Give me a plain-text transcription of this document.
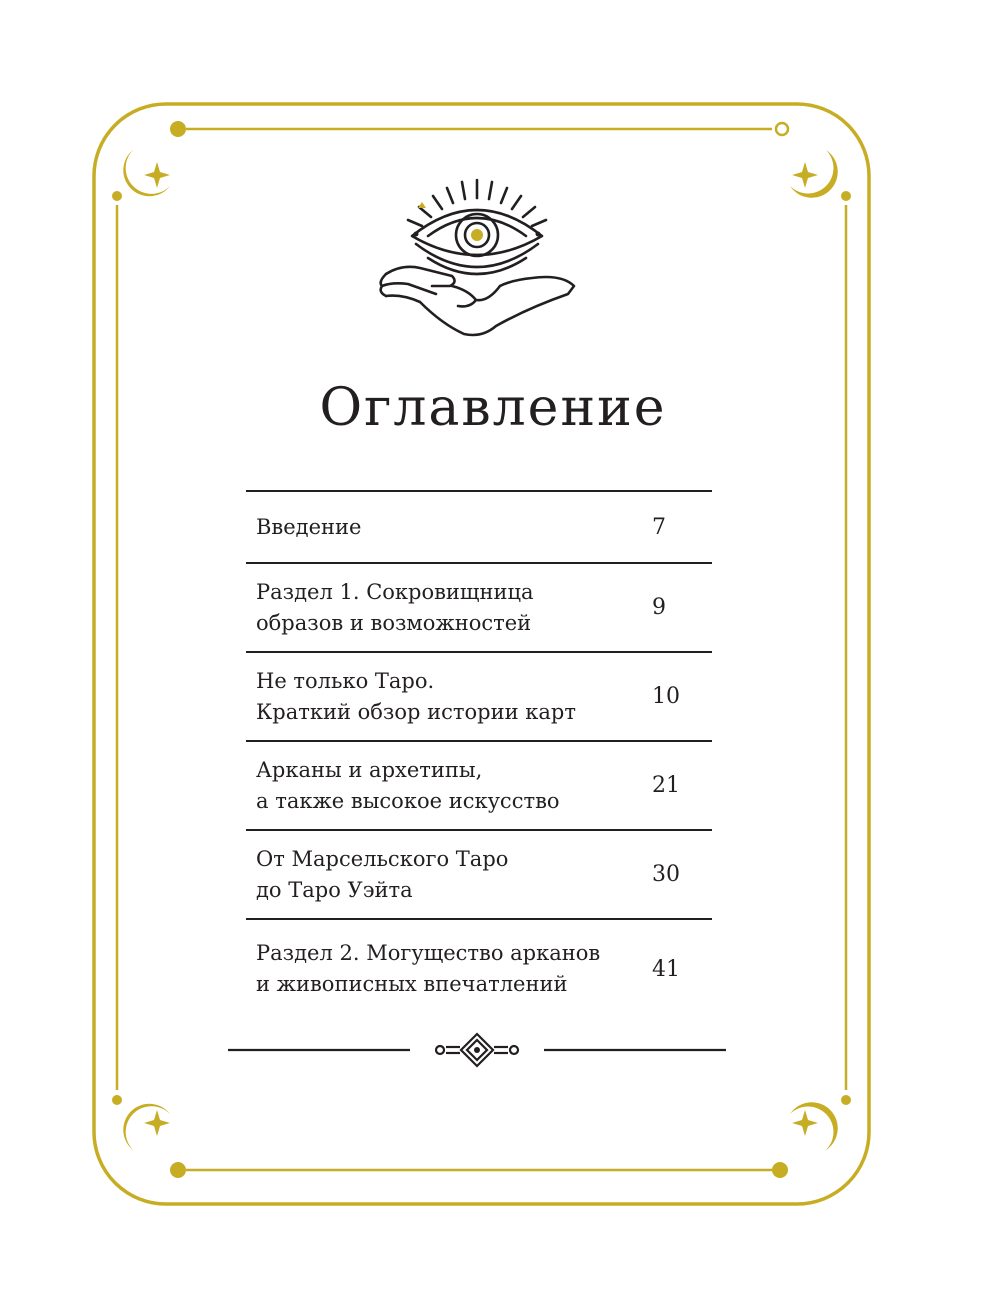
Оглавление
Введение	7
Раздел 1. Сокровищница
образов и возможностей
9
Не только Таро.
Краткий обзор истории карт
10
Арканы и архетипы,
а также высокое искусство
21
От Марсельского Таро
до Таро Уэйта
30
Раздел 2. Могущество арканов
и живописных впечатлений
41
